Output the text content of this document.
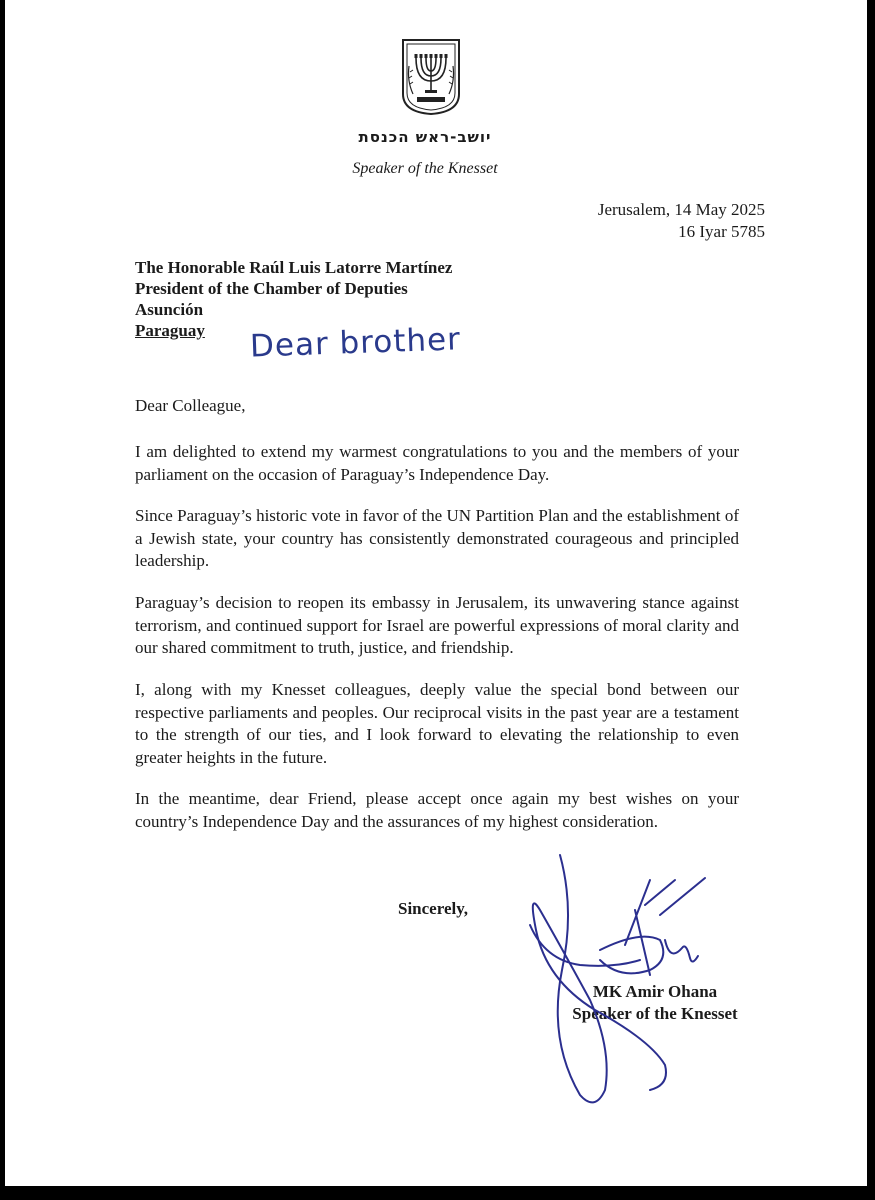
יושב-ראש הכנסת
Speaker of the Knesset
Jerusalem, 14 May 2025
16 Iyar 5785
The Honorable Raúl Luis Latorre Martínez
President of the Chamber of Deputies
Asunción
Paraguay	Dear brother
Dear Colleague,

I am delighted to extend my warmest congratulations to you and the members of your parliament on the occasion of Paraguay’s Independence Day.

Since Paraguay’s historic vote in favor of the UN Partition Plan and the establishment of a Jewish state, your country has consistently demonstrated courageous and principled leadership.

Paraguay’s decision to reopen its embassy in Jerusalem, its unwavering stance against terrorism, and continued support for Israel are powerful expressions of moral clarity and our shared commitment to truth, justice, and friendship.

I, along with my Knesset colleagues, deeply value the special bond between our respective parliaments and peoples. Our reciprocal visits in the past year are a testament to the strength of our ties, and I look forward to elevating the relationship to even greater heights in the future.

In the meantime, dear Friend, please accept once again my best wishes on your country’s Independence Day and the assurances of my highest consideration.

Sincerely,
MK Amir Ohana
Speaker of the Knesset
